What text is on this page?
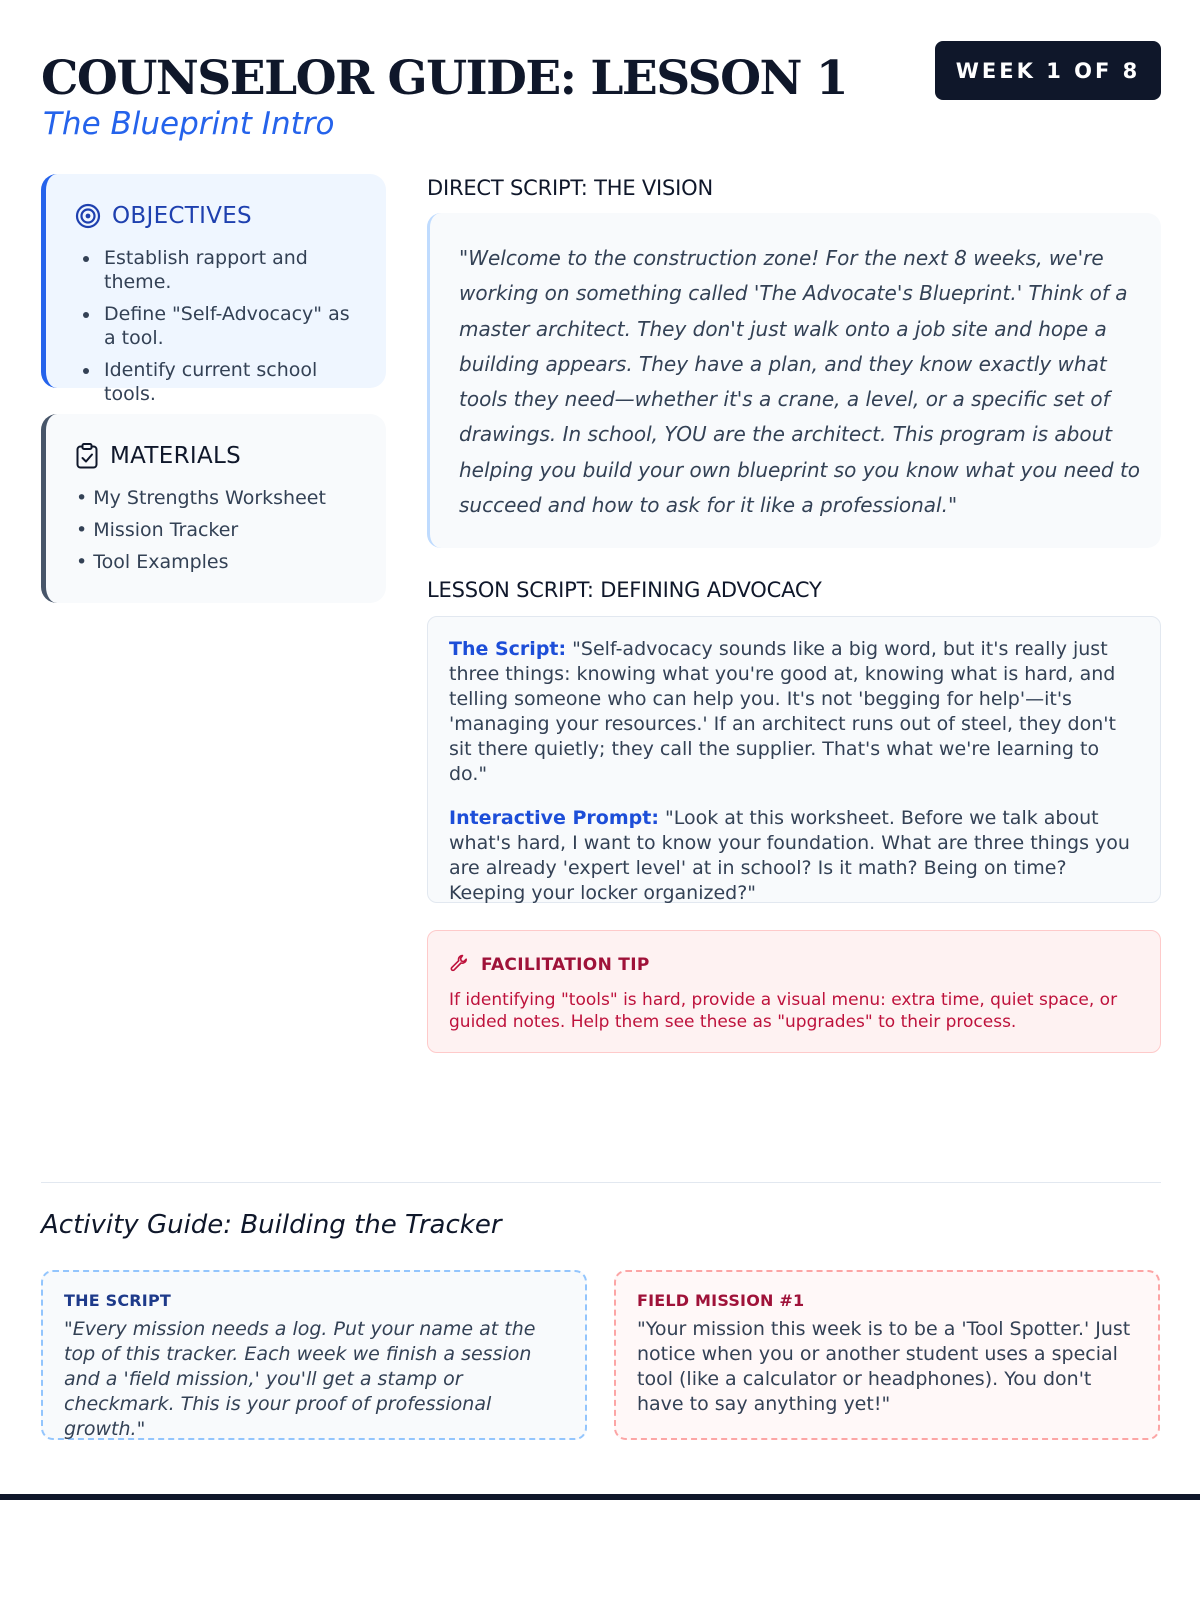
COUNSELOR GUIDE: LESSON 1
The Blueprint Intro
WEEK 1 OF 8
OBJECTIVES
Establish rapport and theme.
Define "Self-Advocacy" as a tool.
Identify current school tools.
MATERIALS
• My Strengths Worksheet
• Mission Tracker
• Tool Examples
DIRECT SCRIPT: THE VISION

"Welcome to the construction zone! For the next 8 weeks, we're working on something called 'The Advocate's Blueprint.' Think of a master architect. They don't just walk onto a job site and hope a building appears. They have a plan, and they know exactly what tools they need—whether it's a crane, a level, or a specific set of drawings. In school, YOU are the architect. This program is about helping you build your own blueprint so you know what you need to succeed and how to ask for it like a professional."

LESSON SCRIPT: DEFINING ADVOCACY

The Script: "Self-advocacy sounds like a big word, but it's really just three things: knowing what you're good at, knowing what is hard, and telling someone who can help you. It's not 'begging for help'—it's 'managing your resources.' If an architect runs out of steel, they don't sit there quietly; they call the supplier. That's what we're learning to do."

Interactive Prompt: "Look at this worksheet. Before we talk about what's hard, I want to know your foundation. What are three things you are already 'expert level' at in school? Is it math? Being on time? Keeping your locker organized?"

FACILITATION TIP
If identifying "tools" is hard, provide a visual menu: extra time, quiet space, or guided notes. Help them see these as "upgrades" to their process.
Activity Guide: Building the Tracker
THE SCRIPT
"Every mission needs a log. Put your name at the top of this tracker. Each week we finish a session and a 'field mission,' you'll get a stamp or checkmark. This is your proof of professional growth."
FIELD MISSION #1
"Your mission this week is to be a 'Tool Spotter.' Just notice when you or another student uses a special tool (like a calculator or headphones). You don't have to say anything yet!"
